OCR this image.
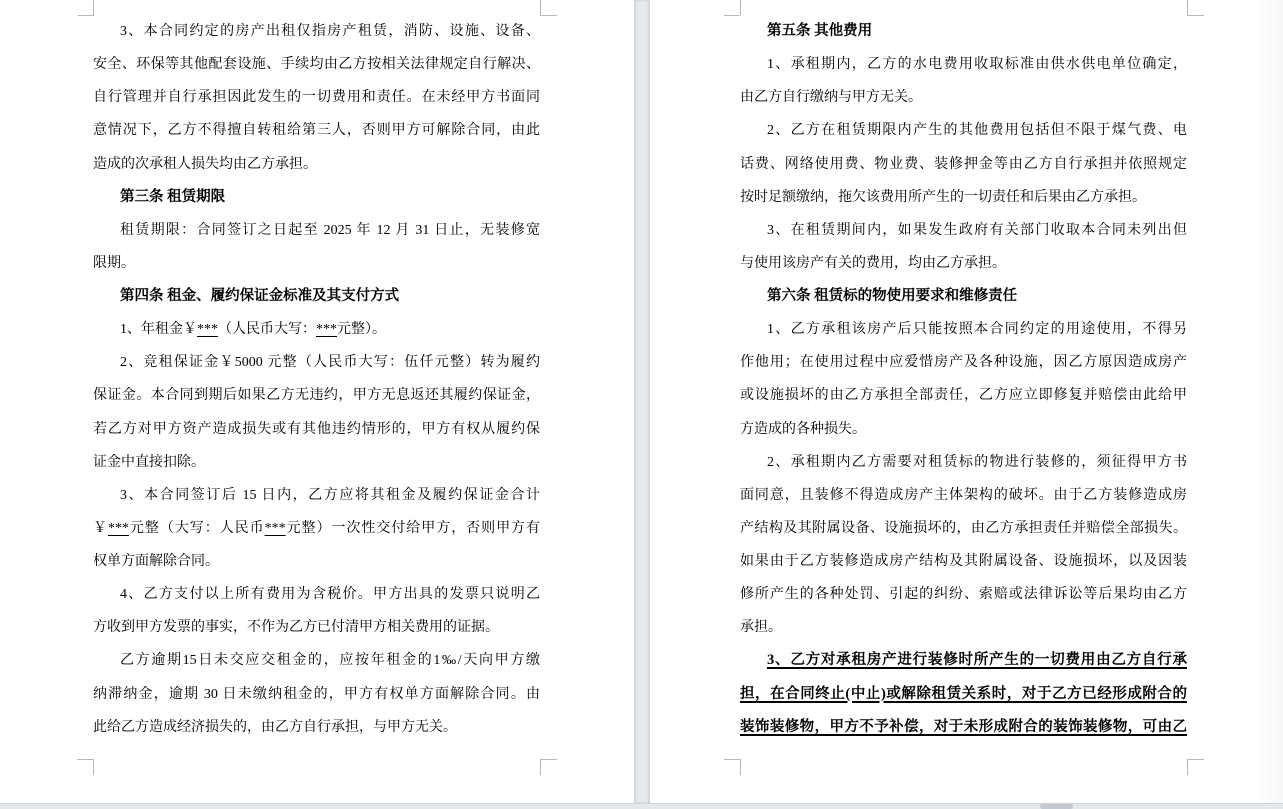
3、本合同约定的房产出租仅指房产租赁，消防、设施、设备、
安全、环保等其他配套设施、手续均由乙方按相关法律规定自行解决、
自行管理并自行承担因此发生的一切费用和责任。在未经甲方书面同
意情况下，乙方不得擅自转租给第三人，否则甲方可解除合同，由此
造成的次承租人损失均由乙方承担。
第三条 租赁期限
租赁期限：合同签订之日起至 2025 年 12 月 31 日止，无装修宽
限期。
第四条 租金、履约保证金标准及其支付方式
1、年租金￥***（人民币大写：***元整）。
2、竞租保证金￥5000 元整（人民币大写：伍仟元整）转为履约
保证金。本合同到期后如果乙方无违约，甲方无息返还其履约保证金，
若乙方对甲方资产造成损失或有其他违约情形的，甲方有权从履约保
证金中直接扣除。
3、本合同签订后 15 日内，乙方应将其租金及履约保证金合计
￥***元整（大写：人民币***元整）一次性交付给甲方，否则甲方有
权单方面解除合同。
4、乙方支付以上所有费用为含税价。甲方出具的发票只说明乙
方收到甲方发票的事实，不作为乙方已付清甲方相关费用的证据。
乙方逾期15日未交应交租金的，应按年租金的1‰/天向甲方缴
纳滞纳金，逾期 30 日未缴纳租金的，甲方有权单方面解除合同。由
此给乙方造成经济损失的，由乙方自行承担，与甲方无关。
第五条 其他费用
1、承租期内，乙方的水电费用收取标准由供水供电单位确定，
由乙方自行缴纳与甲方无关。
2、乙方在租赁期限内产生的其他费用包括但不限于煤气费、电
话费、网络使用费、物业费、装修押金等由乙方自行承担并依照规定
按时足额缴纳，拖欠该费用所产生的一切责任和后果由乙方承担。
3、在租赁期间内，如果发生政府有关部门收取本合同未列出但
与使用该房产有关的费用，均由乙方承担。
第六条 租赁标的物使用要求和维修责任
1、乙方承租该房产后只能按照本合同约定的用途使用，不得另
作他用；在使用过程中应爱惜房产及各种设施，因乙方原因造成房产
或设施损坏的由乙方承担全部责任，乙方应立即修复并赔偿由此给甲
方造成的各种损失。
2、承租期内乙方需要对租赁标的物进行装修的，须征得甲方书
面同意，且装修不得造成房产主体架构的破坏。由于乙方装修造成房
产结构及其附属设备、设施损坏的，由乙方承担责任并赔偿全部损失。
如果由于乙方装修造成房产结构及其附属设备、设施损坏，以及因装
修所产生的各种处罚、引起的纠纷、索赔或法律诉讼等后果均由乙方
承担。
3、乙方对承租房产进行装修时所产生的一切费用由乙方自行承
担，在合同终止(中止)或解除租赁关系时，对于乙方已经形成附合的
装饰装修物，甲方不予补偿，对于未形成附合的装饰装修物，可由乙
